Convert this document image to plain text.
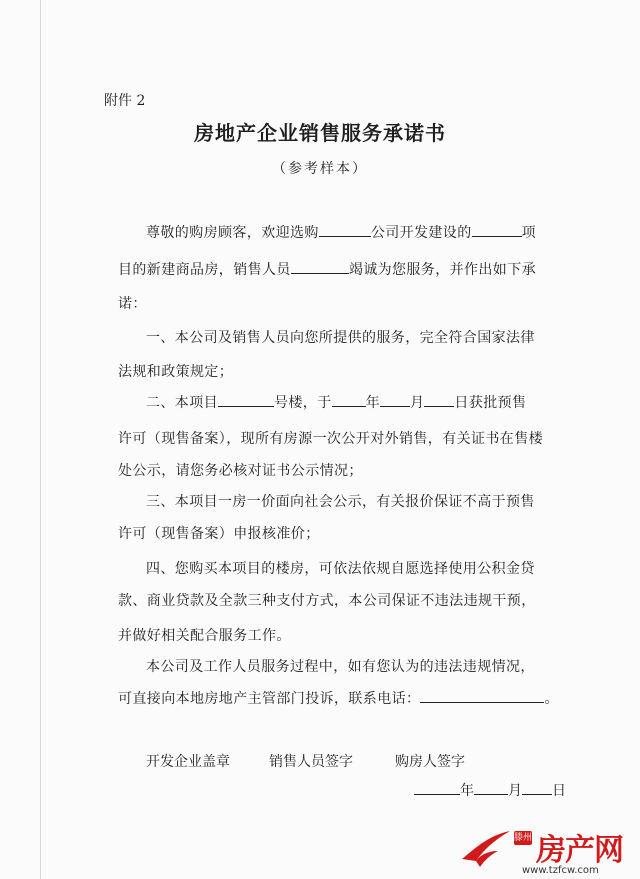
附件 2
房地产企业销售服务承诺书
（参考样本）
尊敬的购房顾客，欢迎选购	公司开发建设的	项
目的新建商品房，销售人员	竭诚为您服务，并作出如下承
诺：
一、本公司及销售人员向您所提供的服务，完全符合国家法律
法规和政策规定；
二、本项目	号楼，于 年 月 日获批预售
许可（现售备案），现所有房源一次公开对外销售，有关证书在售楼
处公示，请您务必核对证书公示情况；
三、本项目一房一价面向社会公示，有关报价保证不高于预售
许可（现售备案）申报核准价；
四、您购买本项目的楼房，可依法依规自愿选择使用公积金贷
款、商业贷款及全款三种支付方式，本公司保证不违法违规干预，
并做好相关配合服务工作。
本公司及工作人员服务过程中，如有您认为的违法违规情况，
可直接向本地房地产主管部门投诉，联系电话：	。
开发企业盖章	销售人员签字	购房人签字
年 月 日
滕州 房产网
www.tzfcw.com
